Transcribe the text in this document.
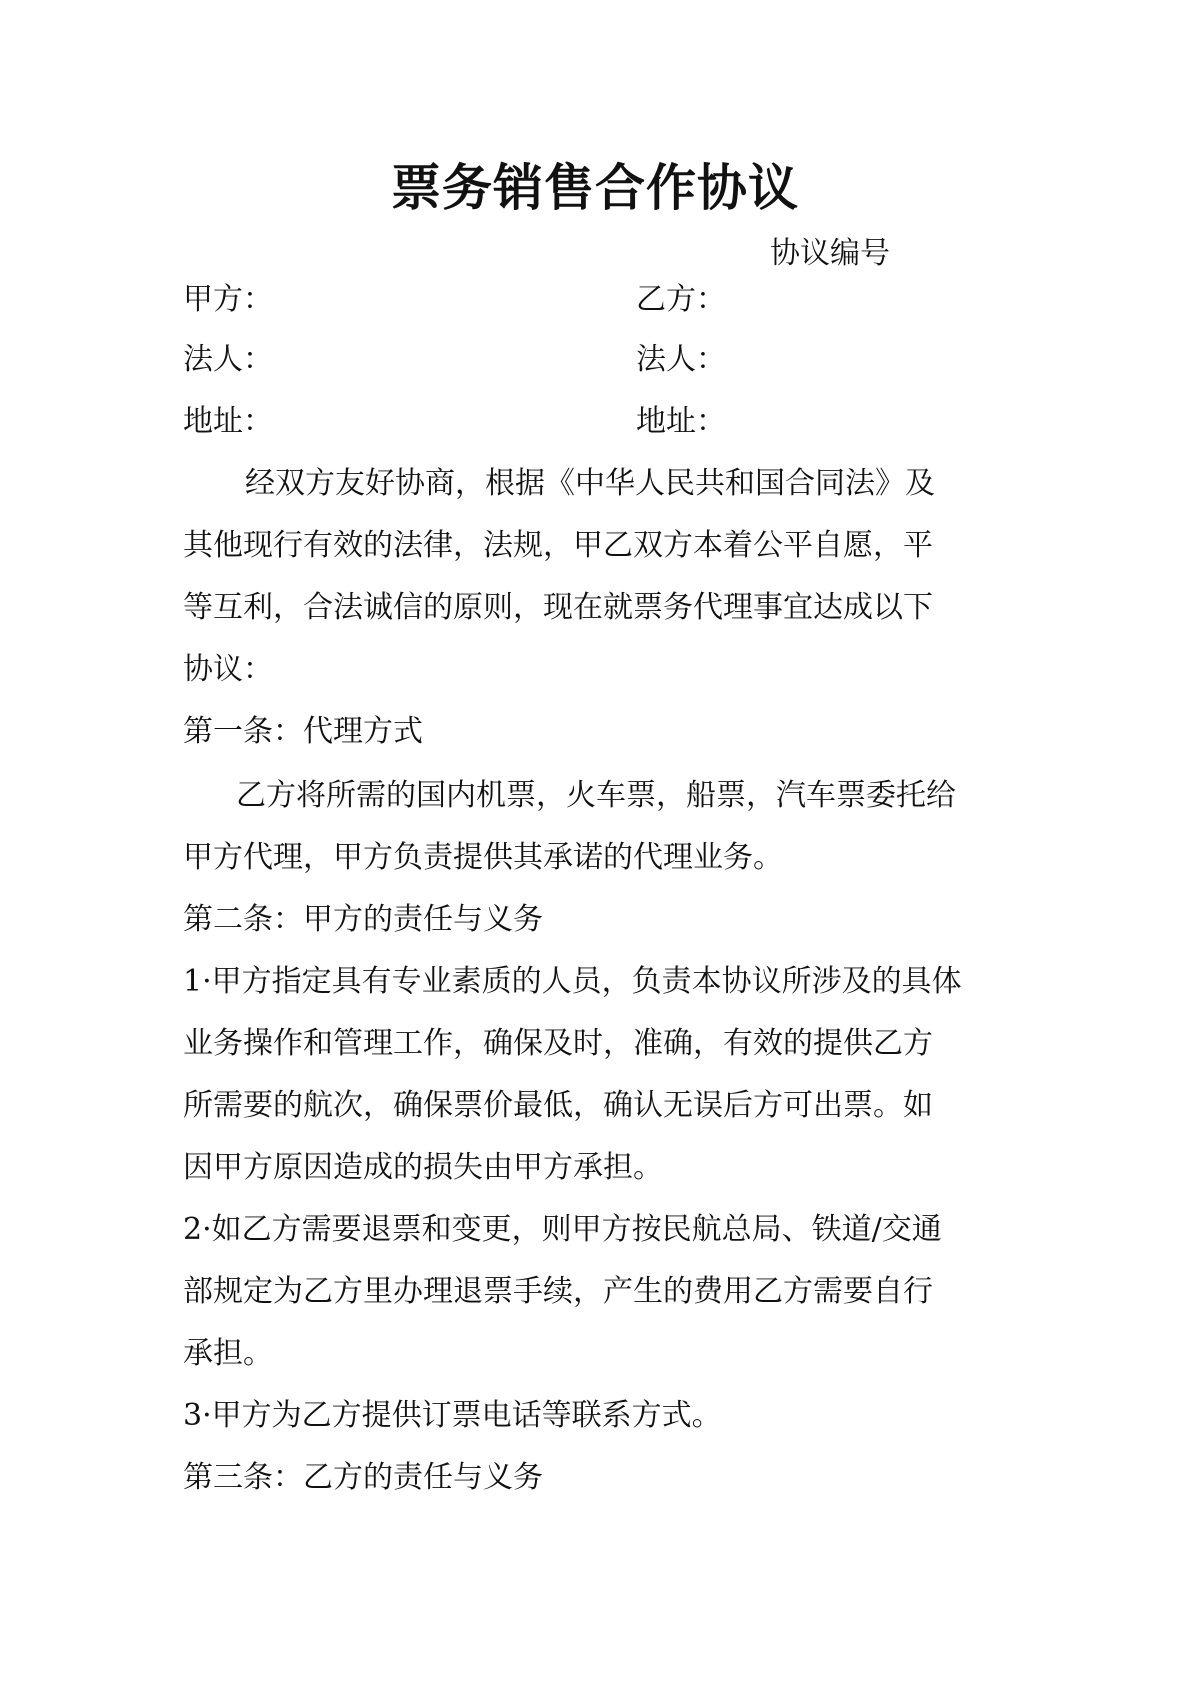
票务销售合作协议
协议编号
甲方：	乙方：
法人：	法人：
地址：	地址：
经双方友好协商，根据《中华人民共和国合同法》及
其他现行有效的法律，法规，甲乙双方本着公平自愿，平
等互利，合法诚信的原则，现在就票务代理事宜达成以下
协议：
第一条：代理方式
乙方将所需的国内机票，火车票，船票，汽车票委托给
甲方代理，甲方负责提供其承诺的代理业务。
第二条：甲方的责任与义务
1·甲方指定具有专业素质的人员，负责本协议所涉及的具体
业务操作和管理工作，确保及时，准确，有效的提供乙方
所需要的航次，确保票价最低，确认无误后方可出票。如
因甲方原因造成的损失由甲方承担。
2·如乙方需要退票和变更，则甲方按民航总局、铁道/交通
部规定为乙方里办理退票手续，产生的费用乙方需要自行
承担。
3·甲方为乙方提供订票电话等联系方式。
第三条：乙方的责任与义务
